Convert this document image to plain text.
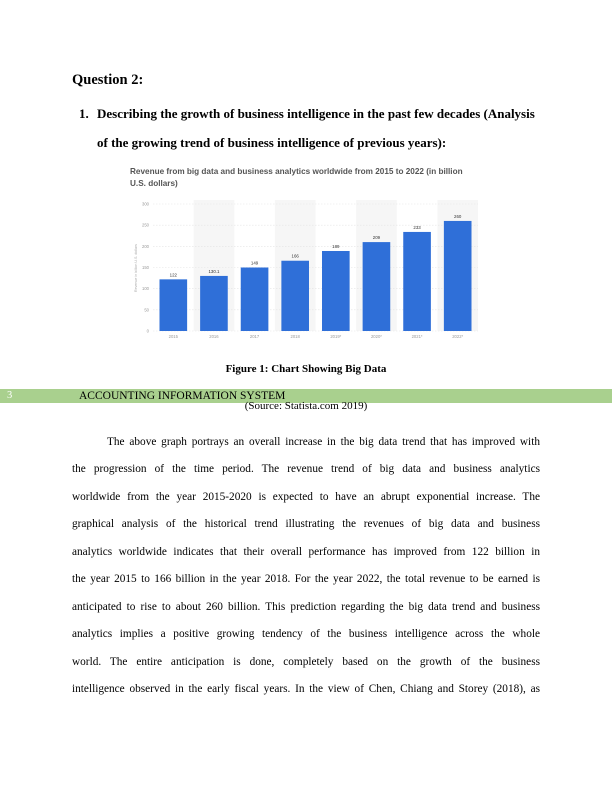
Question 2:
1. Describing the growth of business intelligence in the past few decades (Analysis
of the growing trend of business intelligence of previous years):
Revenue from big data and business analytics worldwide from 2015 to 2022 (in billion
U.S. dollars)
0
50
100
150
200
250
300
Revenue in billion U.S. dollars	122
130.1
149
166
189
209
233
260
2015	2016	2017	2018	2019*	2020*	2021*	2022*
Figure 1: Chart Showing Big Data
3	ACCOUNTING INFORMATION SYSTEM
(Source: Statista.com 2019)
The above graph portrays an overall increase in the big data trend that has improved with
the progression of the time period. The revenue trend of big data and business analytics
worldwide from the year 2015-2020 is expected to have an abrupt exponential increase. The
graphical analysis of the historical trend illustrating the revenues of big data and business
analytics worldwide indicates that their overall performance has improved from 122 billion in
the year 2015 to 166 billion in the year 2018. For the year 2022, the total revenue to be earned is
anticipated to rise to about 260 billion. This prediction regarding the big data trend and business
analytics implies a positive growing tendency of the business intelligence across the whole
world. The entire anticipation is done, completely based on the growth of the business
intelligence observed in the early fiscal years. In the view of Chen, Chiang and Storey (2018), as
